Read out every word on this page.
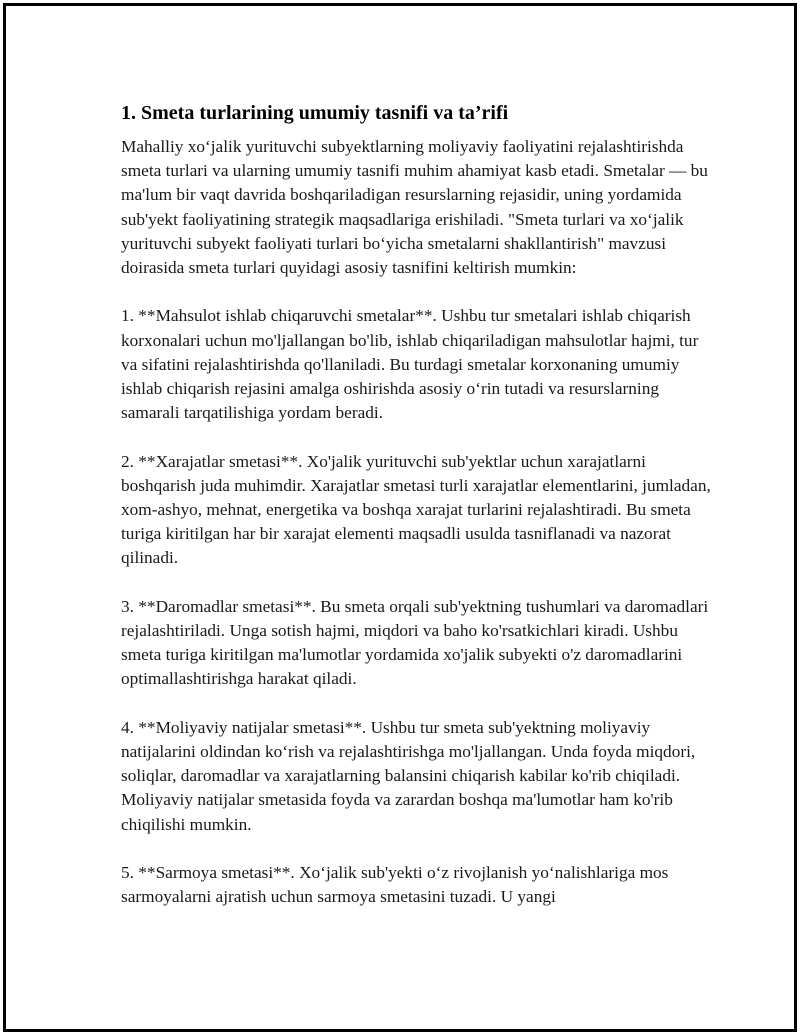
1. Smeta turlarining umumiy tasnifi va ta’rifi

Mahalliy xo‘jalik yurituvchi subyektlarning moliyaviy faoliyatini rejalashtirishda smeta turlari va ularning umumiy tasnifi muhim ahamiyat kasb etadi. Smetalar — bu ma'lum bir vaqt davrida boshqariladigan resurslarning rejasidir, uning yordamida sub'yekt faoliyatining strategik maqsadlariga erishiladi. "Smeta turlari va xo‘jalik yurituvchi subyekt faoliyati turlari bo‘yicha smetalarni shakllantirish" mavzusi doirasida smeta turlari quyidagi asosiy tasnifini keltirish mumkin:

1. **Mahsulot ishlab chiqaruvchi smetalar**. Ushbu tur smetalari ishlab chiqarish korxonalari uchun mo'ljallangan bo'lib, ishlab chiqariladigan mahsulotlar hajmi, tur va sifatini rejalashtirishda qo'llaniladi. Bu turdagi smetalar korxonaning umumiy ishlab chiqarish rejasini amalga oshirishda asosiy o‘rin tutadi va resurslarning samarali tarqatilishiga yordam beradi.

2. **Xarajatlar smetasi**. Xo'jalik yurituvchi sub'yektlar uchun xarajatlarni boshqarish juda muhimdir. Xarajatlar smetasi turli xarajatlar elementlarini, jumladan, xom-ashyo, mehnat, energetika va boshqa xarajat turlarini rejalashtiradi. Bu smeta turiga kiritilgan har bir xarajat elementi maqsadli usulda tasniflanadi va nazorat qilinadi.

3. **Daromadlar smetasi**. Bu smeta orqali sub'yektning tushumlari va daromadlari rejalashtiriladi. Unga sotish hajmi, miqdori va baho ko'rsatkichlari kiradi. Ushbu smeta turiga kiritilgan ma'lumotlar yordamida xo'jalik subyekti o'z daromadlarini optimallashtirishga harakat qiladi.

4. **Moliyaviy natijalar smetasi**. Ushbu tur smeta sub'yektning moliyaviy natijalarini oldindan ko‘rish va rejalashtirishga mo'ljallangan. Unda foyda miqdori, soliqlar, daromadlar va xarajatlarning balansini chiqarish kabilar ko'rib chiqiladi. Moliyaviy natijalar smetasida foyda va zarardan boshqa ma'lumotlar ham ko'rib chiqilishi mumkin.

5. **Sarmoya smetasi**. Xo‘jalik sub'yekti o‘z rivojlanish yo‘nalishlariga mos sarmoyalarni ajratish uchun sarmoya smetasini tuzadi. U yangi
